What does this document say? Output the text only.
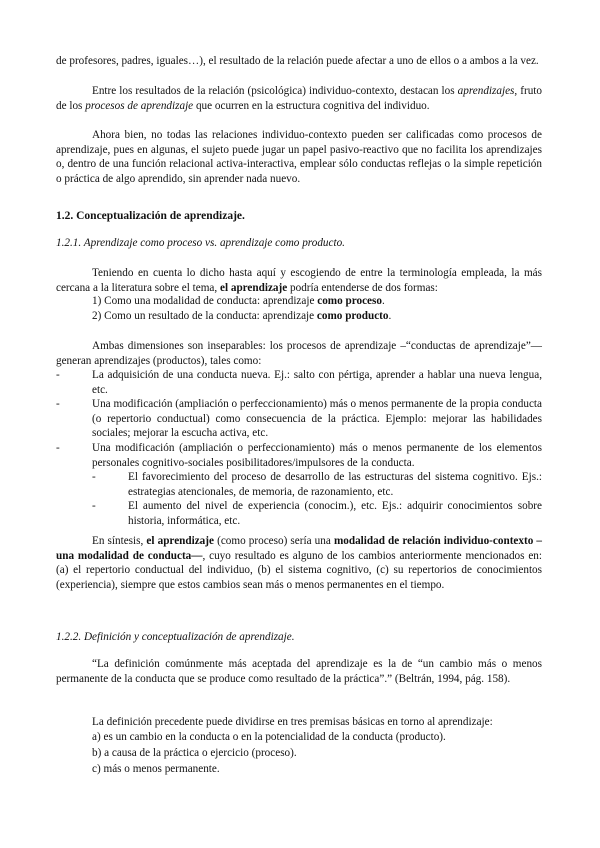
de profesores, padres, iguales…), el resultado de la relación puede afectar a uno de ellos o a ambos a la vez.

Entre los resultados de la relación (psicológica) individuo-contexto, destacan los aprendizajes, fruto de los procesos de aprendizaje que ocurren en la estructura cognitiva del individuo.

Ahora bien, no todas las relaciones individuo-contexto pueden ser calificadas como procesos de aprendizaje, pues en algunas, el sujeto puede jugar un papel pasivo-reactivo que no facilita los aprendizajes o, dentro de una función relacional activa-interactiva, emplear sólo conductas reflejas o la simple repetición o práctica de algo aprendido, sin aprender nada nuevo.

1.2. Conceptualización de aprendizaje.
1.2.1. Aprendizaje como proceso vs. aprendizaje como producto.

Teniendo en cuenta lo dicho hasta aquí y escogiendo de entre la terminología empleada, la más cercana a la literatura sobre el tema, el aprendizaje podría entenderse de dos formas:

1) Como una modalidad de conducta: aprendizaje como proceso.

2) Como un resultado de la conducta: aprendizaje como producto.

Ambas dimensiones son inseparables: los procesos de aprendizaje –“conductas de aprendizaje”— generan aprendizajes (productos), tales como:

-	La adquisición de una conducta nueva. Ej.: salto con pértiga, aprender a hablar una nueva lengua, etc.
-	Una modificación (ampliación o perfeccionamiento) más o menos permanente de la propia conducta (o repertorio conductual) como consecuencia de la práctica. Ejemplo: mejorar las habilidades sociales; mejorar la escucha activa, etc.
-	Una modificación (ampliación o perfeccionamiento) más o menos permanente de los elementos personales cognitivo-sociales posibilitadores/impulsores de la conducta.
-	El favorecimiento del proceso de desarrollo de las estructuras del sistema cognitivo. Ejs.: estrategias atencionales, de memoria, de razonamiento, etc.
-	El aumento del nivel de experiencia (conocim.), etc. Ejs.: adquirir conocimientos sobre historia, informática, etc.

En síntesis, el aprendizaje (como proceso) sería una modalidad de relación individuo-contexto –una modalidad de conducta—, cuyo resultado es alguno de los cambios anteriormente mencionados en: (a) el repertorio conductual del individuo, (b) el sistema cognitivo, (c) su repertorios de conocimientos (experiencia), siempre que estos cambios sean más o menos permanentes en el tiempo.

1.2.2. Definición y conceptualización de aprendizaje.

“La definición comúnmente más aceptada del aprendizaje es la de “un cambio más o menos permanente de la conducta que se produce como resultado de la práctica”.” (Beltrán, 1994, pág. 158).

La definición precedente puede dividirse en tres premisas básicas en torno al aprendizaje:

a) es un cambio en la conducta o en la potencialidad de la conducta (producto).

b) a causa de la práctica o ejercicio (proceso).

c) más o menos permanente.
